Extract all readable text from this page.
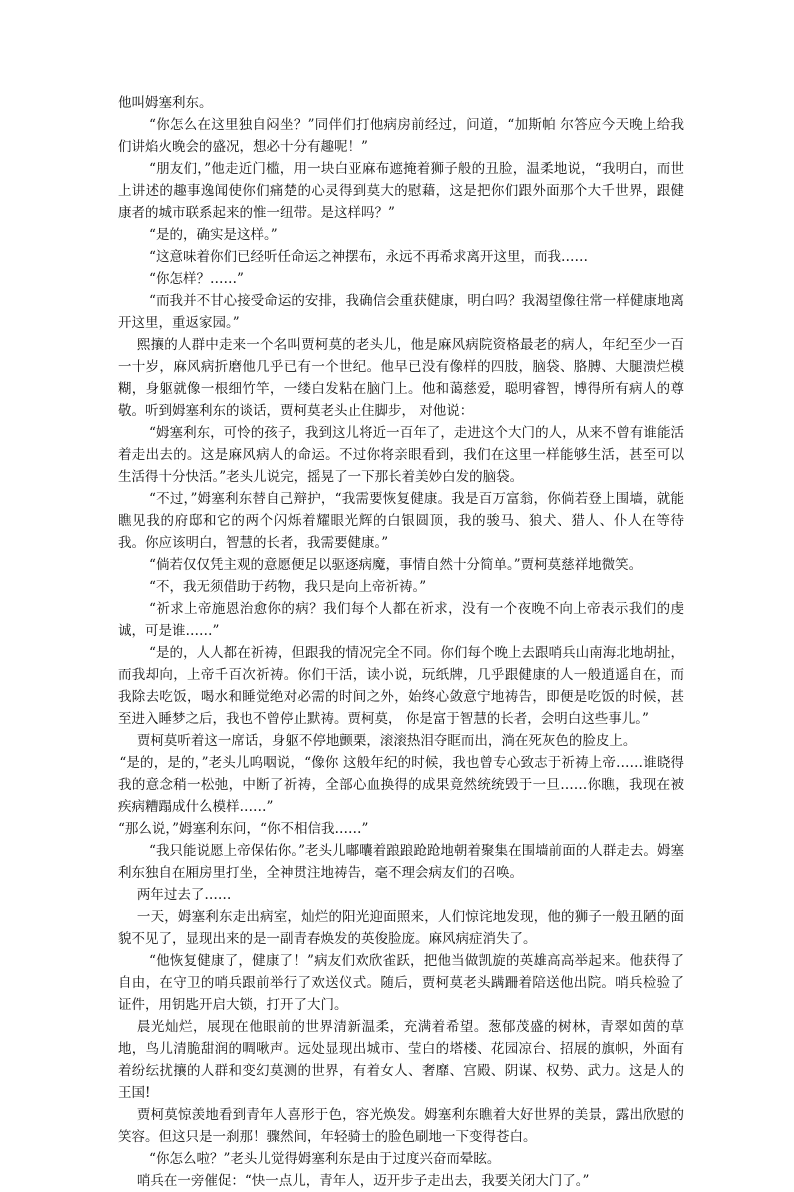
他叫姆塞利东。

“你怎么在这里独自闷坐？”同伴们打他病房前经过，问道，“加斯帕 尔答应今天晚上给我们讲焰火晚会的盛况，想必十分有趣呢！”

“朋友们，”他走近门槛，用一块白亚麻布遮掩着狮子般的丑脸，温柔地说，“我明白，而世上讲述的趣事逸闻使你们痛楚的心灵得到莫大的慰藉，这是把你们跟外面那个大千世界，跟健康者的城市联系起来的惟一纽带。是这样吗？”

“是的，确实是这样。”

“这意味着你们已经听任命运之神摆布，永远不再希求离开这里，而我……

“你怎样？……”

“而我并不甘心接受命运的安排，我确信会重获健康，明白吗？我渴望像往常一样健康地离开这里，重返家园。”

熙攘的人群中走来一个名叫贾柯莫的老头儿，他是麻风病院资格最老的病人，年纪至少一百一十岁，麻风病折磨他几乎已有一个世纪。他早已没有像样的四肢，脑袋、胳膊、大腿溃烂模糊，身躯就像一根细竹竿，一缕白发粘在脑门上。他和蔼慈爱，聪明睿智，博得所有病人的尊敬。听到姆塞利东的谈话，贾柯莫老头止住脚步， 对他说：

“姆塞利东，可怜的孩子，我到这儿将近一百年了，走进这个大门的人，从来不曾有谁能活着走出去的。这是麻风病人的命运。不过你将亲眼看到，我们在这里一样能够生活，甚至可以生活得十分快活。”老头儿说完，摇晃了一下那长着美妙白发的脑袋。

“不过，”姆塞利东替自己辩护，“我需要恢复健康。我是百万富翁，你倘若登上围墙，就能瞧见我的府邸和它的两个闪烁着耀眼光辉的白银圆顶，我的骏马、狼犬、猎人、仆人在等待我。你应该明白，智慧的长者，我需要健康。”

“倘若仅仅凭主观的意愿便足以驱逐病魔，事情自然十分简单。”贾柯莫慈祥地微笑。

“不，我无须借助于药物，我只是向上帝祈祷。”

“祈求上帝施恩治愈你的病？我们每个人都在祈求，没有一个夜晚不向上帝表示我们的虔诚，可是谁……”

“是的，人人都在祈祷，但跟我的情况完全不同。你们每个晚上去跟哨兵山南海北地胡扯，而我却向，上帝千百次祈祷。你们干活，读小说，玩纸牌，几乎跟健康的人一般逍遥自在，而我除去吃饭，喝水和睡觉绝对必需的时间之外，始终心敛意宁地祷告，即便是吃饭的时候，甚至进入睡梦之后，我也不曾停止默祷。贾柯莫， 你是富于智慧的长者，会明白这些事儿。”

贾柯莫听着这一席话，身躯不停地颤栗，滚滚热泪夺眶而出，淌在死灰色的脸皮上。

“是的，是的，”老头儿呜咽说，“像你 这般年纪的时候，我也曾专心致志于祈祷上帝……谁晓得我的意念稍一松弛，中断了祈祷，全部心血换得的成果竟然统统毁于一旦……你瞧，我现在被疾病糟蹋成什么模样……”

“那么说，”姆塞利东问，“你不相信我……”

“我只能说愿上帝保佑你。”老头儿嘟囔着踉踉跄跄地朝着聚集在围墙前面的人群走去。姆塞利东独自在厢房里打坐，全神贯注地祷告，毫不理会病友们的召唤。

两年过去了……

一天，姆塞利东走出病室，灿烂的阳光迎面照来，人们惊诧地发现，他的狮子一般丑陋的面貌不见了，显现出来的是一副青春焕发的英俊脸庞。麻风病症消失了。

“他恢复健康了，健康了！”病友们欢欣雀跃，把他当做凯旋的英雄高高举起来。他获得了自由，在守卫的哨兵跟前举行了欢送仪式。随后，贾柯莫老头蹒跚着陪送他出院。哨兵检验了证件，用钥匙开启大锁，打开了大门。

晨光灿烂，展现在他眼前的世界清新温柔，充满着希望。葱郁茂盛的树林，青翠如茵的草地，鸟儿清脆甜润的啁啾声。远处显现出城市、莹白的塔楼、花园凉台、招展的旗帜，外面有着纷纭扰攘的人群和变幻莫测的世界，有着女人、奢靡、宫殿、阴谋、权势、武力。这是人的王国!

贾柯莫惊羡地看到青年人喜形于色，容光焕发。姆塞利东瞧着大好世界的美景，露出欣慰的笑容。但这只是一刹那！骤然间，年轻骑士的脸色刷地一下变得苍白。

“你怎么啦？”老头儿觉得姆塞利东是由于过度兴奋而晕眩。

哨兵在一旁催促：“快一点儿，青年人，迈开步子走出去，我要关闭大门了。”
